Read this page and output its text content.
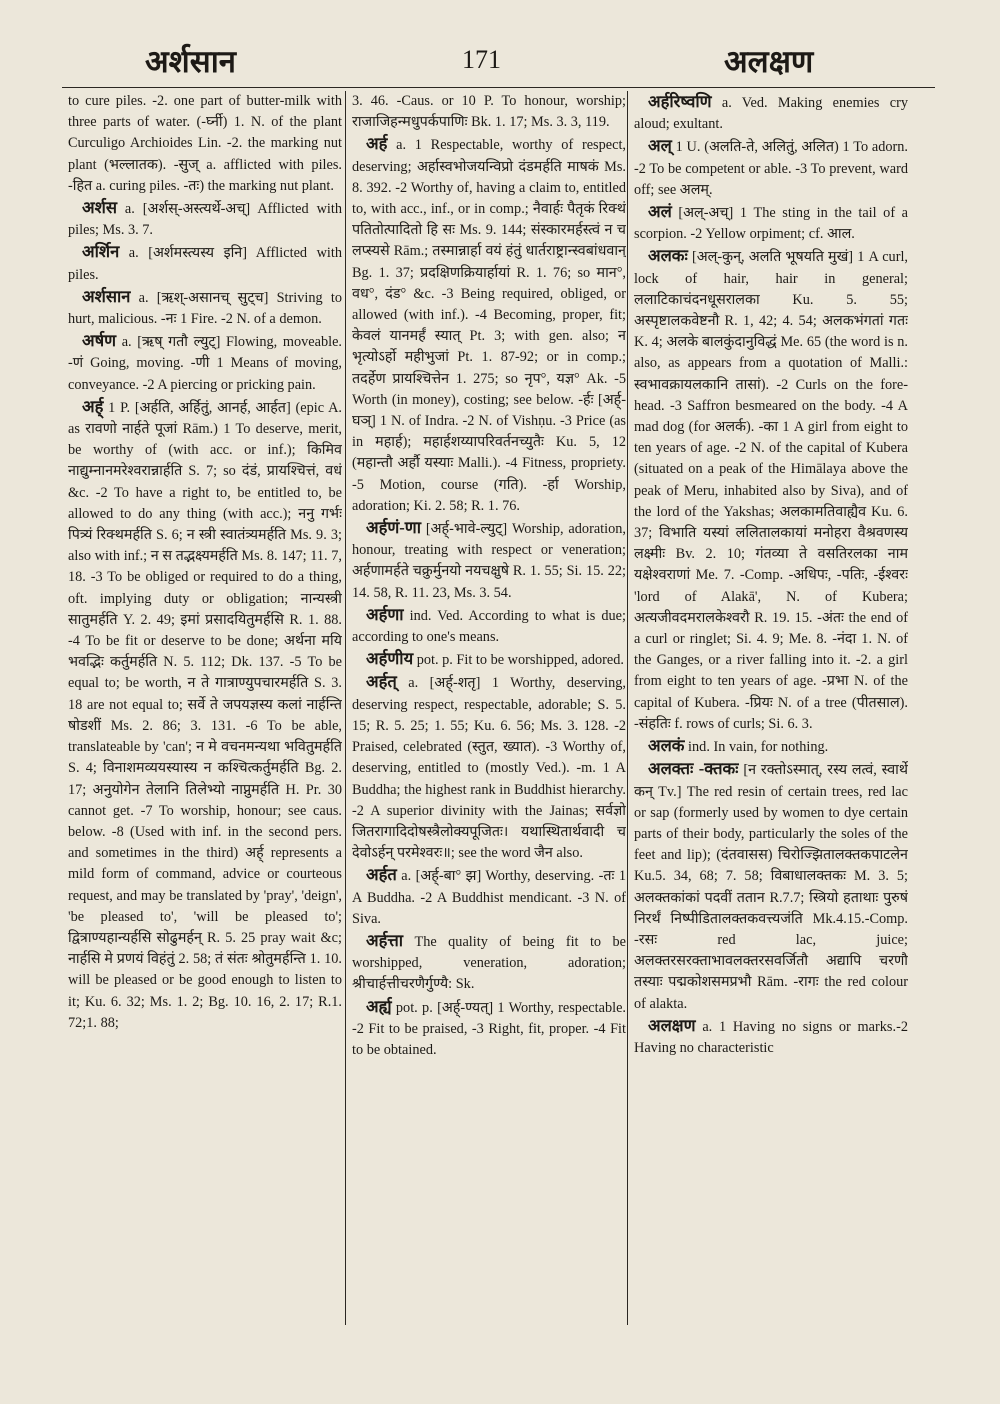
अर्शसान	171	अलक्षण

to cure piles. -2. one part of butter-milk with three parts of water. (-र्घ्नी) 1. N. of the plant Curculigo Archioides Lin. -2. the marking nut plant (भल्लातक). -सुज् a. afflicted with piles. -हित a. curing piles. -तः) the marking nut plant.

अर्शस a. [अर्शस्-अस्त्यर्थे-अच्] Afflicted with piles; Ms. 3. 7.

अर्शिन a. [अर्शमस्त्यस्य इनि] Afflicted with piles.

अर्शसान a. [ऋश्-असानच् सुट्च] Striving to hurt, malicious. -नः 1 Fire. -2 N. of a demon.

अर्षण a. [ऋष् गतौ ल्युट्] Flowing, moveable. -णं Going, moving. -णी 1 Means of moving, conveyance. -2 A piercing or pricking pain.

अर्ह् 1 P. [अर्हति, अर्हितुं, आनर्ह, आर्हत] (epic A. as रावणो नार्हते पूजां Rām.) 1 To deserve, merit, be worthy of (with acc. or inf.); किमिव नाद्युम्नानमरेश्वरान्नार्हति S. 7; so दंडं, प्रायश्चित्तं, वधं &c. -2 To have a right to, be entitled to, be allowed to do any thing (with acc.); ननु गर्भः पित्र्यं रिक्थमर्हति S. 6; न स्त्री स्वातंत्र्यमर्हति Ms. 9. 3; also with inf.; न स तद्भक्ष्यमर्हति Ms. 8. 147; 11. 7, 18. -3 To be obliged or required to do a thing, oft. implying duty or obligation; नान्यस्त्री सातुमर्हति Y. 2. 49; इमां प्रसादयितुमर्हसि R. 1. 88. -4 To be fit or deserve to be done; अर्थना मयि भवद्भिः कर्तुमर्हति N. 5. 112; Dk. 137. -5 To be equal to; be worth, न ते गात्राण्युपचारमर्हति S. 3. 18 are not equal to; सर्वे ते जपयज्ञस्य कलां नार्हन्ति षोडशीं Ms. 2. 86; 3. 131. -6 To be able, translateable by 'can'; न मे वचनमन्यथा भवितुमर्हति S. 4; विनाशमव्ययस्यास्य न कश्चित्कर्तुमर्हति Bg. 2. 17; अनुयोगेन तेलानि तिलेभ्यो नाप्नुमर्हति H. Pr. 30 cannot get. -7 To worship, honour; see caus. below. -8 (Used with inf. in the second pers. and sometimes in the third) अर्ह् represents a mild form of command, advice or courteous request, and may be translated by 'pray', 'deign', 'be pleased to', 'will be pleased to'; द्वित्राण्यहान्यर्हसि सोढुमर्हन् R. 5. 25 pray wait &c; नार्हसि मे प्रणयं विहंतुं 2. 58; तं संतः श्रोतुमर्हन्ति 1. 10. will be pleased or be good enough to listen to it; Ku. 6. 32; Ms. 1. 2; Bg. 10. 16, 2. 17; R.1. 72;1. 88;

3. 46. -Caus. or 10 P. To honour, worship; राजाजिहन्मधुपर्कपाणिः Bk. 1. 17; Ms. 3. 3, 119.

अर्ह a. 1 Respectable, worthy of respect, deserving; अर्हास्वभोजयन्विप्रो दंडमर्हति माषकं Ms. 8. 392. -2 Worthy of, having a claim to, entitled to, with acc., inf., or in comp.; नैवार्हः पैतृकं रिक्थं पतितोत्पादितो हि सः Ms. 9. 144; संस्कारमर्हस्त्वं न च लप्स्यसे Rām.; तस्मान्नार्हा वयं हंतुं धार्तराष्ट्रान्स्वबांधवान् Bg. 1. 37; प्रदक्षिणक्रियार्हायां R. 1. 76; so मान°, वध°, दंड° &c. -3 Being required, obliged, or allowed (with inf.). -4 Becoming, proper, fit; केवलं यानमर्हं स्यात् Pt. 3; with gen. also; न भृत्योऽर्हो महीभुजां Pt. 1. 87-92; or in comp.; तदर्हेण प्रायश्चित्तेन 1. 275; so नृप°, यज्ञ° Ak. -5 Worth (in money), costing; see below. -र्हः [अर्ह्-घञ्] 1 N. of Indra. -2 N. of Vishṇu. -3 Price (as in महार्ह); महार्हशय्यापरिवर्तनच्युतैः Ku. 5, 12 (महान्तौ अर्हौ यस्याः Malli.). -4 Fitness, propriety. -5 Motion, course (गति). -र्हा Worship, adoration; Ki. 2. 58; R. 1. 76.

अर्हणं-णा [अर्ह्-भावे-ल्युट्] Worship, adoration, honour, treating with respect or veneration; अर्हणामर्हते चक्रुर्मुनयो नयचक्षुषे R. 1. 55; Si. 15. 22; 14. 58, R. 11. 23, Ms. 3. 54.

अर्हणा ind. Ved. According to what is due; according to one's means.

अर्हणीय pot. p. Fit to be worshipped, adored.

अर्हत् a. [अर्ह्-शतृ] 1 Worthy, deserving, deserving respect, respectable, adorable; S. 5. 15; R. 5. 25; 1. 55; Ku. 6. 56; Ms. 3. 128. -2 Praised, celebrated (स्तुत, ख्यात). -3 Worthy of, deserving, entitled to (mostly Ved.). -m. 1 A Buddha; the highest rank in Buddhist hierarchy. -2 A superior divinity with the Jainas; सर्वज्ञो जितरागादिदोषस्त्रैलोक्यपूजितः। यथास्थितार्थवादी च देवोऽर्हन् परमेश्वरः॥; see the word जैन also.

अर्हत a. [अर्ह्-बा° झ] Worthy, deserving. -तः 1 A Buddha. -2 A Buddhist mendicant. -3 N. of Siva.

अर्हत्ता The quality of being fit to be worshipped, veneration, adoration; श्रीचार्हत्तीचरणैर्गुण्यै: Sk.

अर्ह्य pot. p. [अर्ह्-ण्यत्] 1 Worthy, respectable. -2 Fit to be praised, -3 Right, fit, proper. -4 Fit to be obtained.

अर्हरिष्वणि a. Ved. Making enemies cry aloud; exultant.

अल् 1 U. (अलति-ते, अलितुं, अलित) 1 To adorn. -2 To be competent or able. -3 To prevent, ward off; see अलम्.

अलं [अल्-अच्] 1 The sting in the tail of a scorpion. -2 Yellow orpiment; cf. आल.

अलकः [अल्-कुन्, अलति भूषयति मुखं] 1 A curl, lock of hair, hair in general; ललाटिकाचंदनधूसरालका Ku. 5. 55; अस्पृष्टालकवेष्टनौ R. 1, 42; 4. 54; अलकभंगतां गतः K. 4; अलके बालकुंदानुविद्धं Me. 65 (the word is n. also, as appears from a quotation of Malli.: स्वभावक्रायलकानि तासां). -2 Curls on the fore-head. -3 Saffron besmeared on the body. -4 A mad dog (for अलर्क). -का 1 A girl from eight to ten years of age. -2 N. of the capital of Kubera (situated on a peak of the Himālaya above the peak of Meru, inhabited also by Siva), and of the lord of the Yakshas; अलकामतिवाह्यैव Ku. 6. 37; विभाति यस्यां ललितालकायां मनोहरा वैश्रवणस्य लक्ष्मीः Bv. 2. 10; गंतव्या ते वसतिरलका नाम यक्षेश्वराणां Me. 7. -Comp. -अधिपः, -पतिः, -ईश्वरः 'lord of Alakā', N. of Kubera; अत्यजीवदमरालकेश्वरौ R. 19. 15. -अंतः the end of a curl or ringlet; Si. 4. 9; Me. 8. -नंदा 1. N. of the Ganges, or a river falling into it. -2. a girl from eight to ten years of age. -प्रभा N. of the capital of Kubera. -प्रियः N. of a tree (पीतसाल). -संहतिः f. rows of curls; Si. 6. 3.

अलकं ind. In vain, for nothing.

अलक्तः -क्तकः [न रक्तोऽस्मात्, रस्य लत्वं, स्वार्थे कन् Tv.] The red resin of certain trees, red lac or sap (formerly used by women to dye certain parts of their body, particularly the soles of the feet and lip); (दंतवासस) चिरोज्झितालक्तकपाटलेन Ku.5. 34, 68; 7. 58; विबाधालक्तकः M. 3. 5; अलक्तकांकां पदवीं ततान R.7.7; स्त्रियो हताथाः पुरुषं निरर्थं निष्पीडितालक्तकवत्त्यजंति Mk.4.15.-Comp. -रसः red lac, juice; अलक्तरसरक्ताभावलक्तरसवर्जितौ अद्यापि चरणौ तस्याः पद्मकोशसमप्रभौ Rām. -रागः the red colour of alakta.

अलक्षण a. 1 Having no signs or marks.-2 Having no characteristic
